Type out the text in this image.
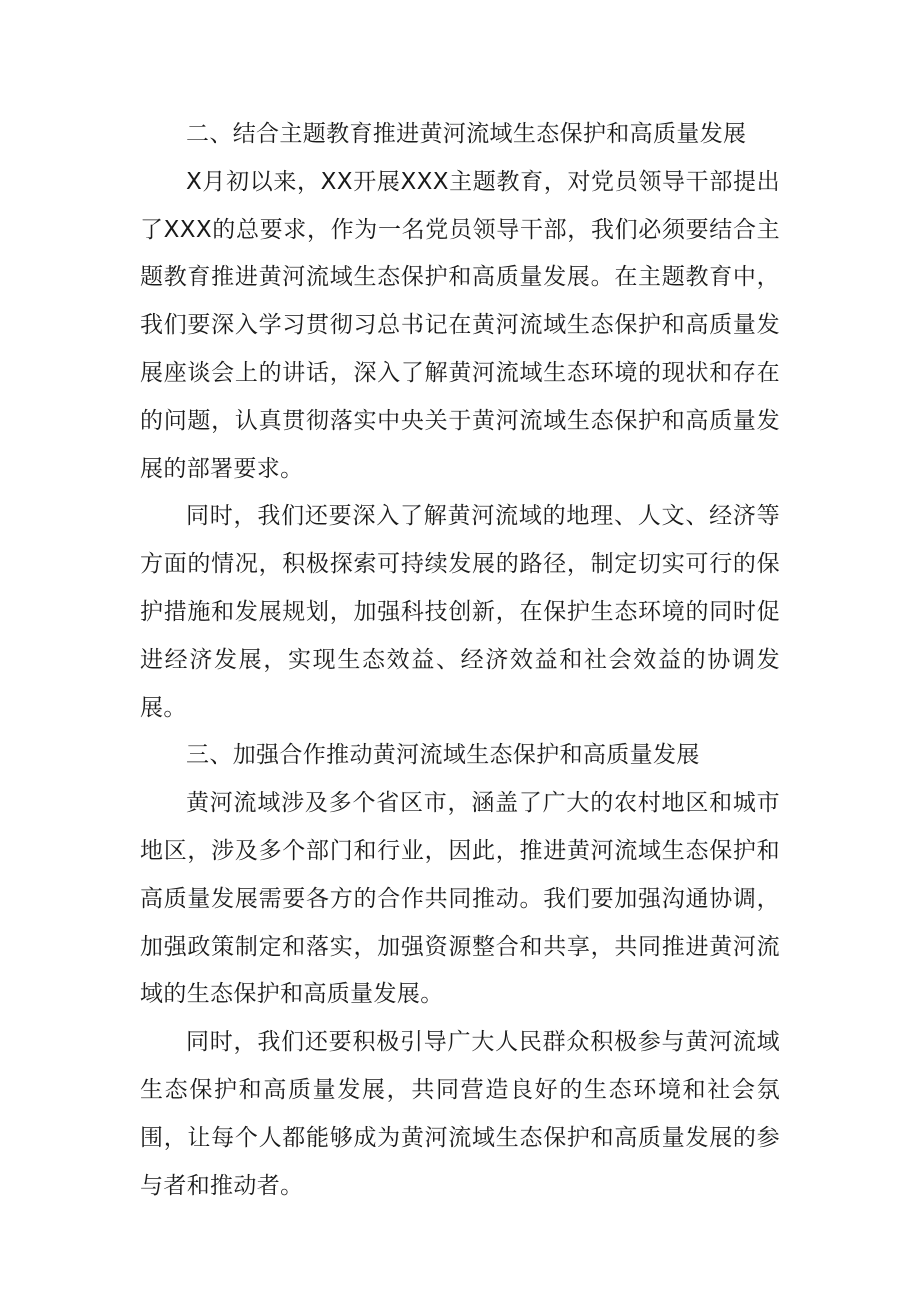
二、结合主题教育推进黄河流域生态保护和高质量发展

X月初以来，XX开展XXX主题教育，对党员领导干部提出了XXX的总要求，作为一名党员领导干部，我们必须要结合主题教育推进黄河流域生态保护和高质量发展。在主题教育中，我们要深入学习贯彻习总书记在黄河流域生态保护和高质量发展座谈会上的讲话，深入了解黄河流域生态环境的现状和存在的问题，认真贯彻落实中央关于黄河流域生态保护和高质量发展的部署要求。

同时，我们还要深入了解黄河流域的地理、人文、经济等方面的情况，积极探索可持续发展的路径，制定切实可行的保护措施和发展规划，加强科技创新，在保护生态环境的同时促进经济发展，实现生态效益、经济效益和社会效益的协调发展。

三、加强合作推动黄河流域生态保护和高质量发展

黄河流域涉及多个省区市，涵盖了广大的农村地区和城市地区，涉及多个部门和行业，因此，推进黄河流域生态保护和高质量发展需要各方的合作共同推动。我们要加强沟通协调，加强政策制定和落实，加强资源整合和共享，共同推进黄河流域的生态保护和高质量发展。

同时，我们还要积极引导广大人民群众积极参与黄河流域生态保护和高质量发展，共同营造良好的生态环境和社会氛围，让每个人都能够成为黄河流域生态保护和高质量发展的参与者和推动者。
